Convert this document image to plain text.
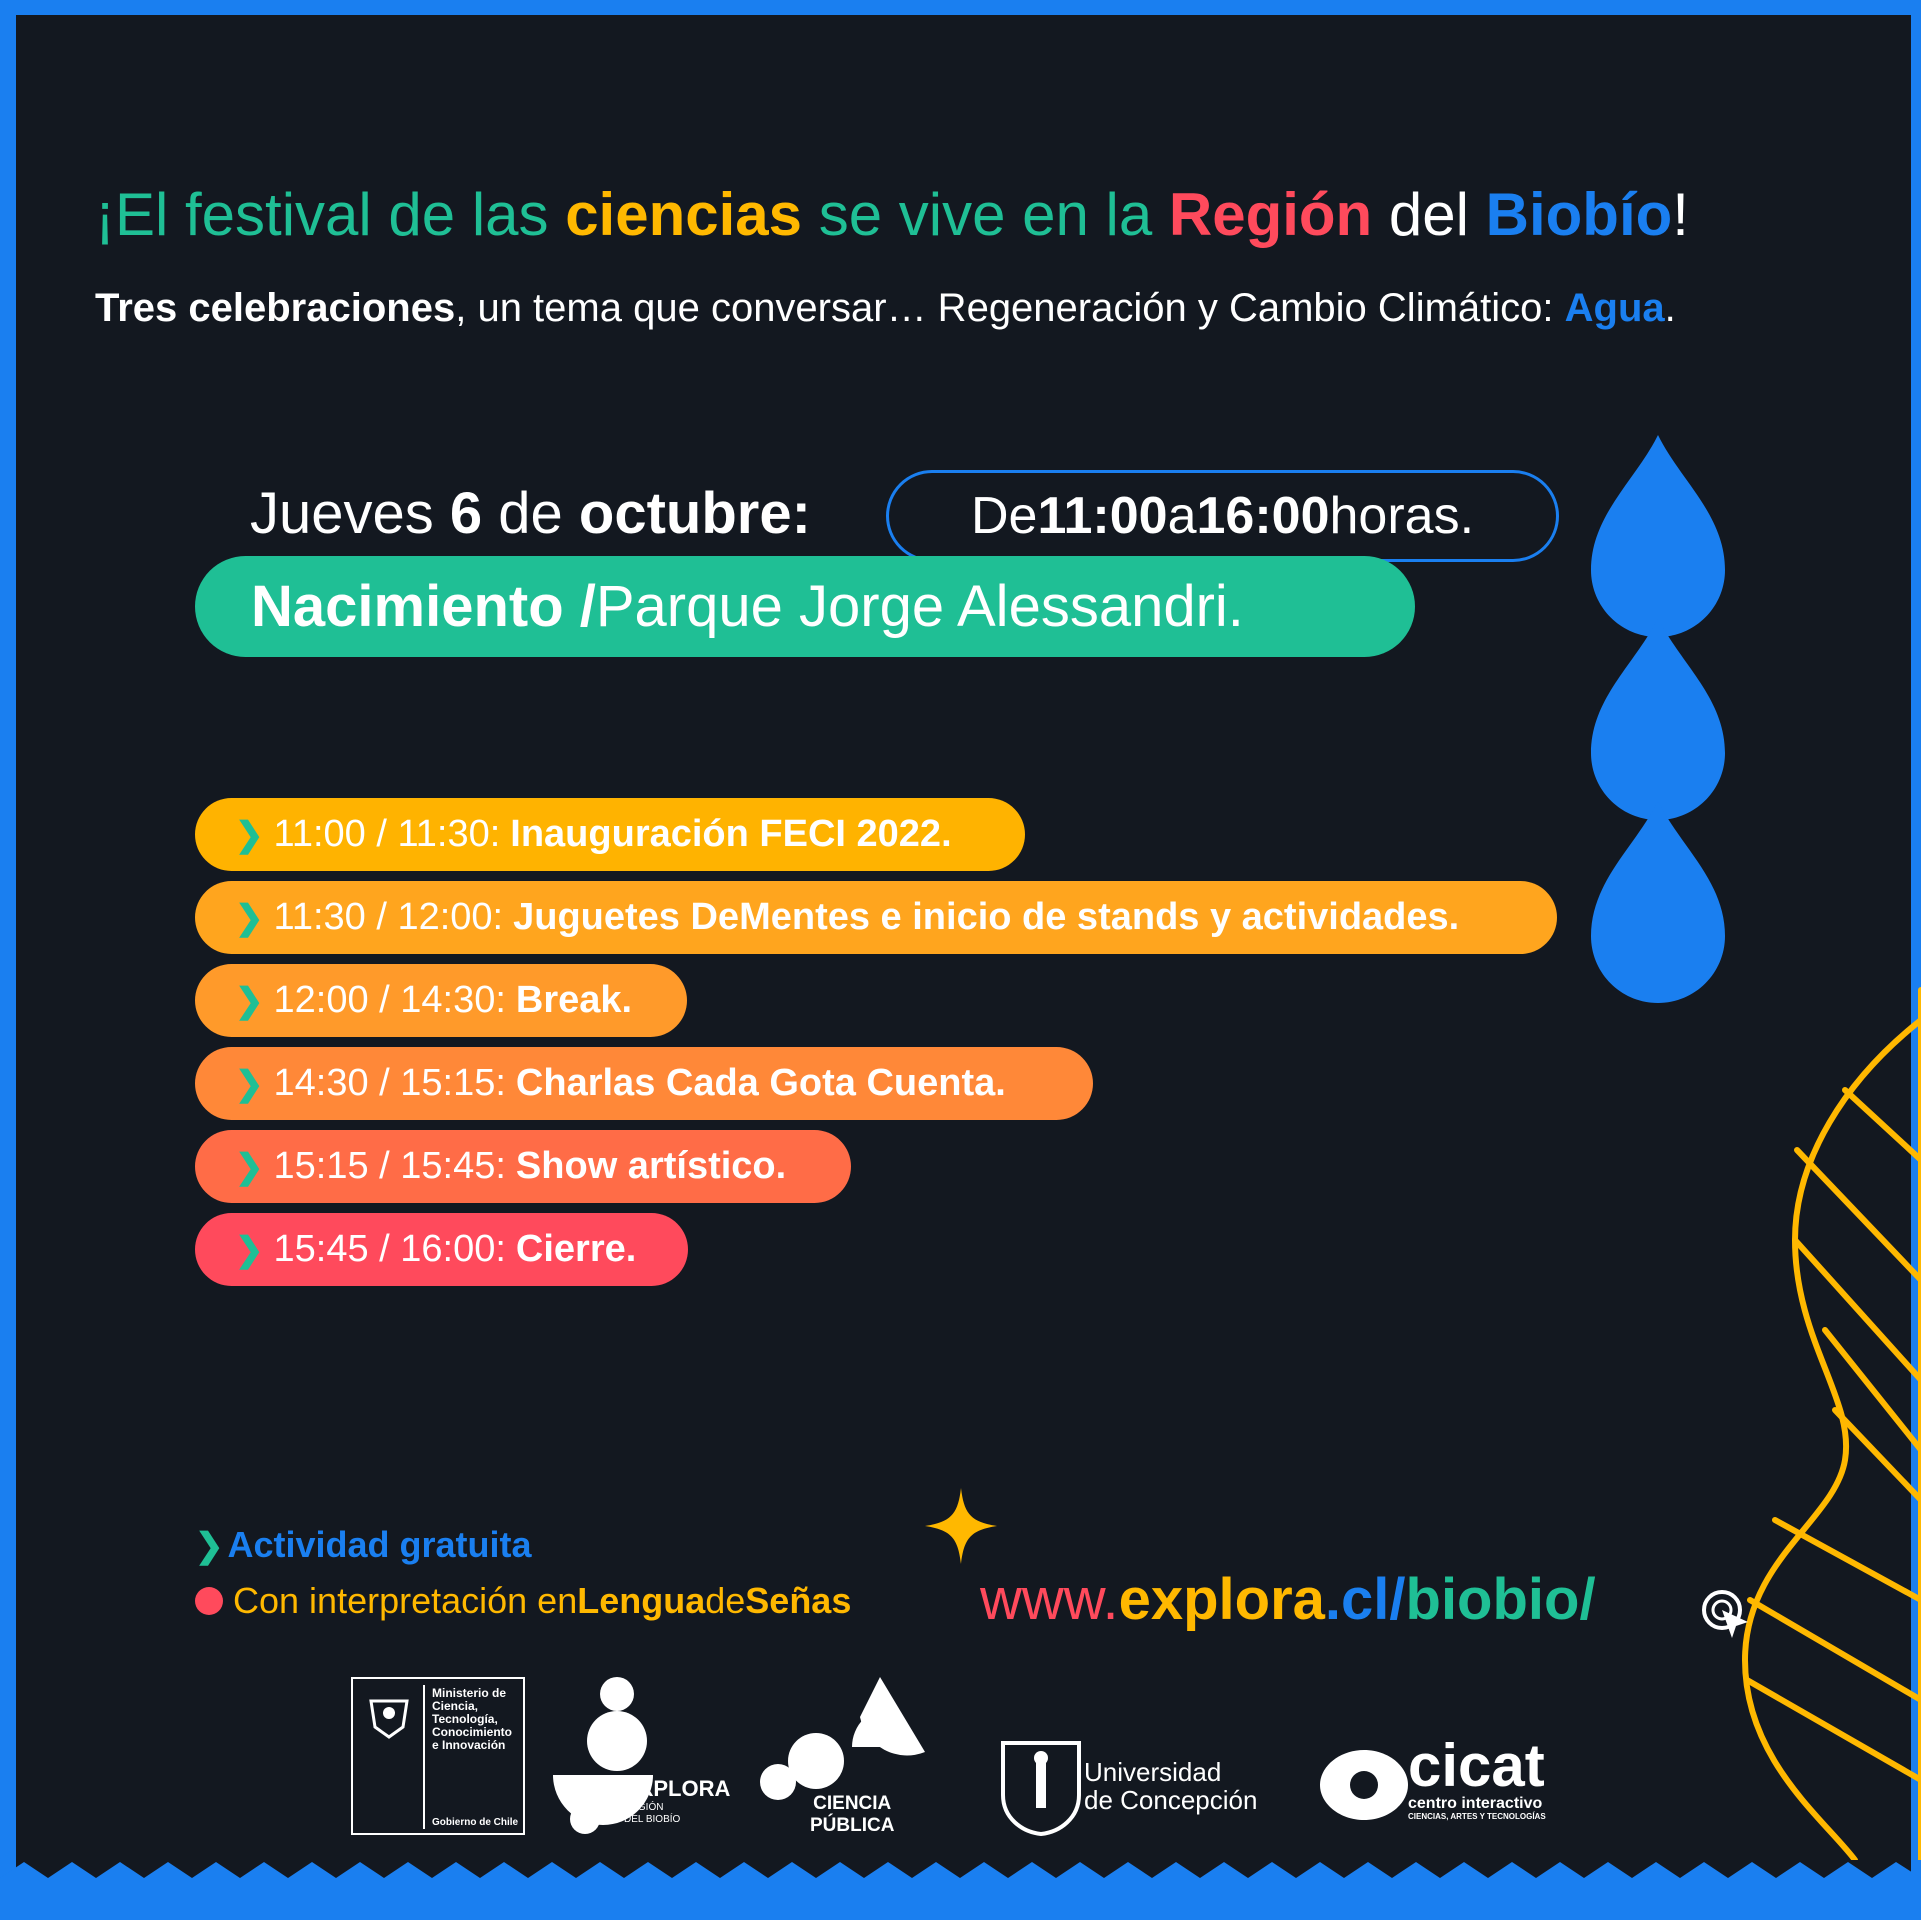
¡El festival de las ciencias se vive en la Región del Biobío!
Tres celebraciones, un tema que conversar… Regeneración y Cambio Climático: Agua.
Jueves 6 de octubre:	De 11:00 a 16:00 horas.
Nacimiento / Parque Jorge Alessandri.
❯ 11:00 / 11:30: Inauguración FECI 2022.
❯ 11:30 / 12:00: Juguetes DeMentes e inicio de stands y actividades.
❯ 12:00 / 14:30: Break.
❯ 14:30 / 15:15: Charlas Cada Gota Cuenta.
❯ 15:15 / 15:45: Show artístico.
❯ 15:45 / 16:00: Cierre.
❯ Actividad gratuita
Con interpretación en Lengua de Señas www.explora.cl/biobio/
Ministerio de
Ciencia,
Tecnología,
Conocimiento
e Innovación
Gobierno de Chile
EXPLORA
REGIÓN
DEL BIOBÍO
CIENCIA
PÚBLICA
Universidad
de Concepción
cicat
centro interactivo
CIENCIAS, ARTES Y TECNOLOGÍAS
